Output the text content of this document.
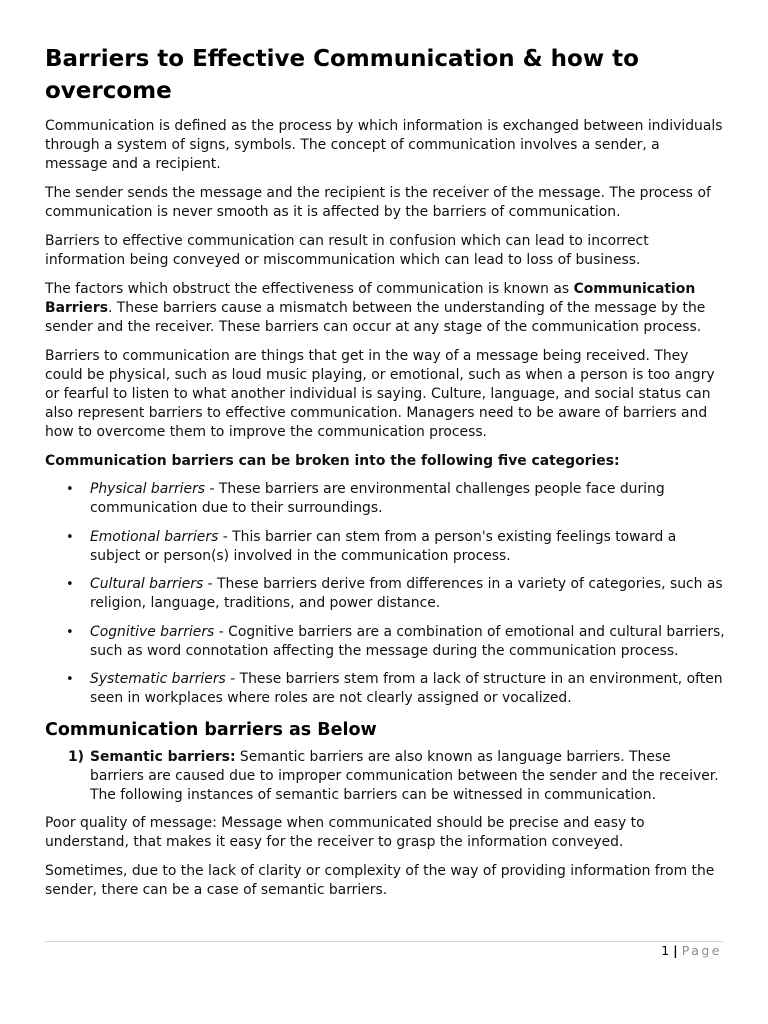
Barriers to Effective Communication & how to overcome

Communication is defined as the process by which information is exchanged between individuals through a system of signs, symbols. The concept of communication involves a sender, a message and a recipient.

The sender sends the message and the recipient is the receiver of the message. The process of communication is never smooth as it is affected by the barriers of communication.

Barriers to effective communication can result in confusion which can lead to incorrect information being conveyed or miscommunication which can lead to loss of business.

The factors which obstruct the effectiveness of communication is known as Communication Barriers. These barriers cause a mismatch between the understanding of the message by the sender and the receiver. These barriers can occur at any stage of the communication process.

Barriers to communication are things that get in the way of a message being received. They could be physical, such as loud music playing, or emotional, such as when a person is too angry or fearful to listen to what another individual is saying. Culture, language, and social status can also represent barriers to effective communication. Managers need to be aware of barriers and how to overcome them to improve the communication process.

Communication barriers can be broken into the following five categories:

• Physical barriers - These barriers are environmental challenges people face during communication due to their surroundings.
• Emotional barriers - This barrier can stem from a person's existing feelings toward a subject or person(s) involved in the communication process.
• Cultural barriers - These barriers derive from differences in a variety of categories, such as religion, language, traditions, and power distance.
• Cognitive barriers - Cognitive barriers are a combination of emotional and cultural barriers, such as word connotation affecting the message during the communication process.
• Systematic barriers - These barriers stem from a lack of structure in an environment, often seen in workplaces where roles are not clearly assigned or vocalized.
Communication barriers as Below
1) Semantic barriers: Semantic barriers are also known as language barriers. These barriers are caused due to improper communication between the sender and the receiver. The following instances of semantic barriers can be witnessed in communication.

Poor quality of message: Message when communicated should be precise and easy to understand, that makes it easy for the receiver to grasp the information conveyed.

Sometimes, due to the lack of clarity or complexity of the way of providing information from the sender, there can be a case of semantic barriers.

1 | Page
